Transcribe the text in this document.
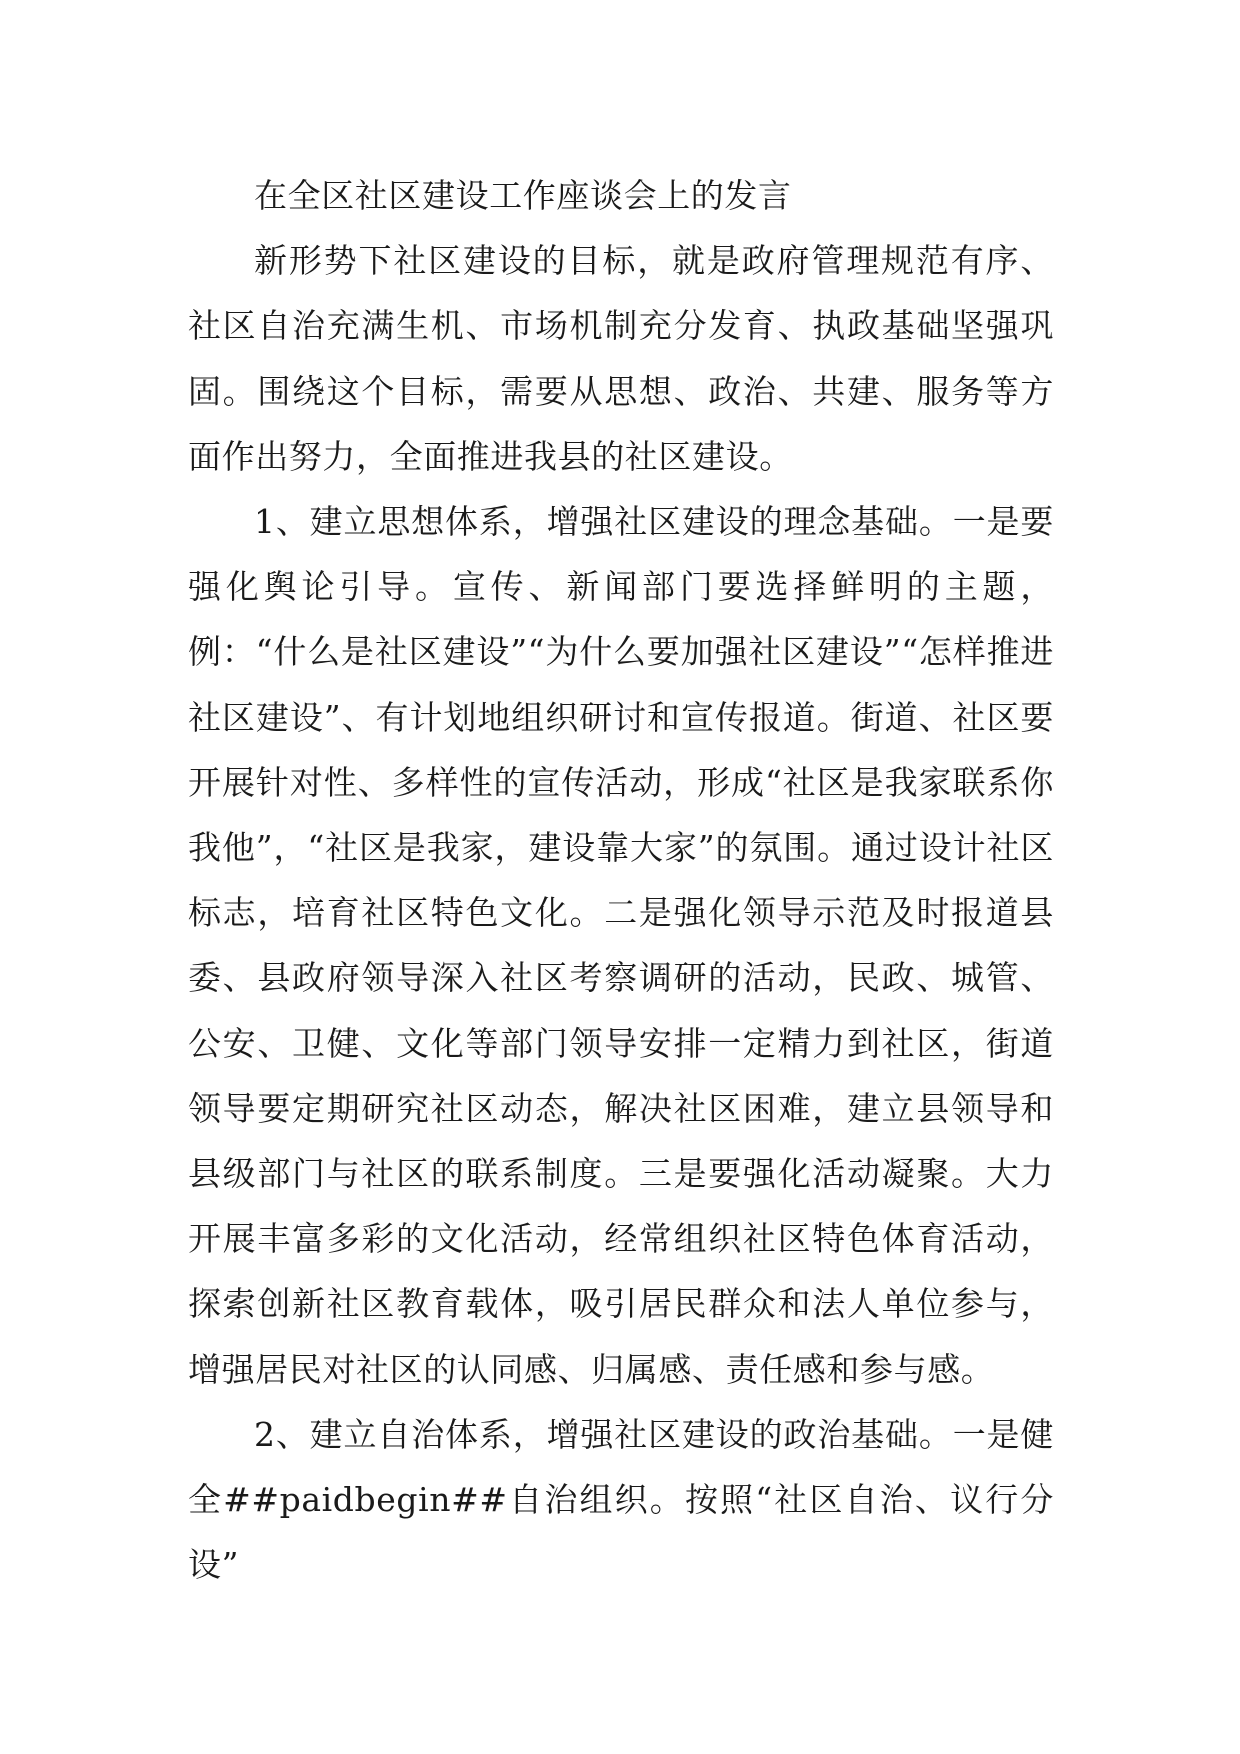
在全区社区建设工作座谈会上的发言

新形势下社区建设的目标，就是政府管理规范有序、社区自治充满生机、市场机制充分发育、执政基础坚强巩固。围绕这个目标，需要从思想、政治、共建、服务等方面作出努力，全面推进我县的社区建设。

1、建立思想体系，增强社区建设的理念基础。一是要强化舆论引导。宣传、新闻部门要选择鲜明的主题，例：“什么是社区建设”“为什么要加强社区建设”“怎样推进社区建设”、有计划地组织研讨和宣传报道。街道、社区要开展针对性、多样性的宣传活动，形成“社区是我家联系你我他”，“社区是我家，建设靠大家”的氛围。通过设计社区标志，培育社区特色文化。二是强化领导示范及时报道县委、县政府领导深入社区考察调研的活动，民政、城管、公安、卫健、文化等部门领导安排一定精力到社区，街道领导要定期研究社区动态，解决社区困难，建立县领导和县级部门与社区的联系制度。三是要强化活动凝聚。大力开展丰富多彩的文化活动，经常组织社区特色体育活动，探索创新社区教育载体，吸引居民群众和法人单位参与，增强居民对社区的认同感、归属感、责任感和参与感。

2、建立自治体系，增强社区建设的政治基础。一是健全##paidbegin##自治组织。按照“社区自治、议行分设”
